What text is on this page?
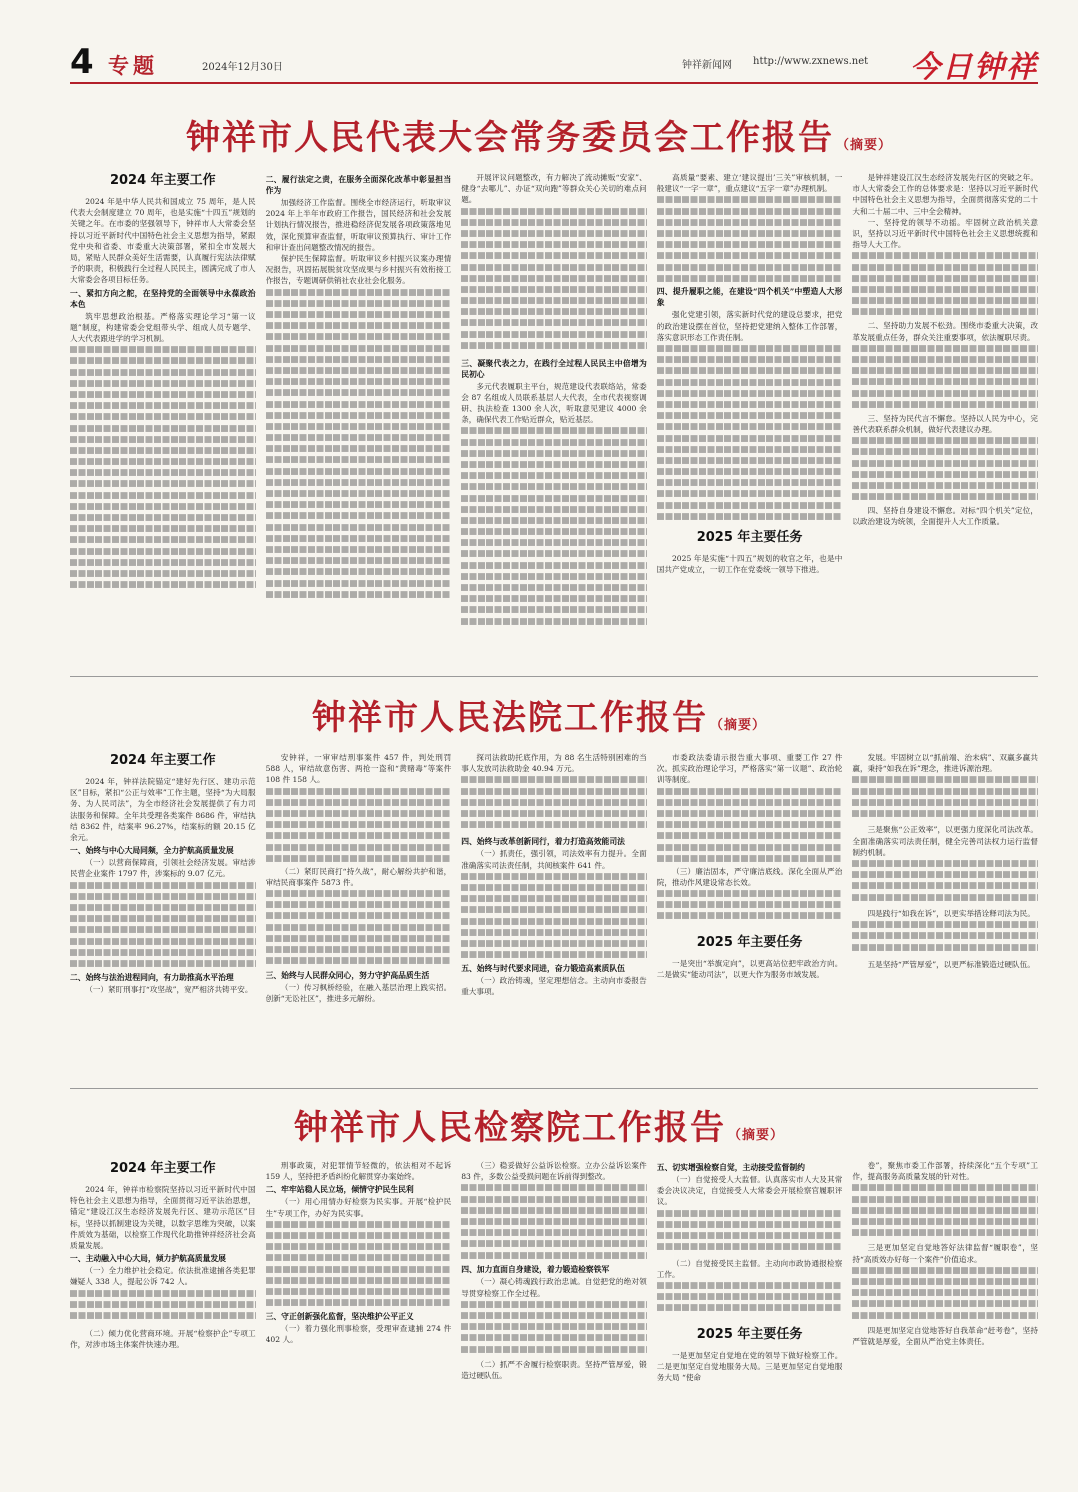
4 专题	2024年12月30日	钟祥新闻网 http://www.zxnews.net 今日钟祥
钟祥市人民代表大会常务委员会工作报告 （摘要）
2024 年主要工作

2024 年是中华人民共和国成立 75 周年，是人民代表大会制度建立 70 周年，也是实施“十四五”规划的关键之年。在市委的坚强领导下，钟祥市人大常委会坚持以习近平新时代中国特色社会主义思想为指导，紧跟党中央和省委、市委重大决策部署，紧扣全市发展大局，紧贴人民群众美好生活需要，认真履行宪法法律赋予的职责，积极践行全过程人民民主，圆满完成了市人大常委会各项目标任务。

一、紧扣方向之舵，在坚持党的全面领导中永葆政治本色

筑牢思想政治根基。严格落实理论学习“第一议题”制度，构建常委会党组带头学、组成人员专题学、人大代表跟进学的学习机制。

二、履行法定之责，在服务全面深化改革中彰显担当作为

加强经济工作监督。围绕全市经济运行，听取审议 2024 年上半年市政府工作报告，国民经济和社会发展计划执行情况报告，推进稳经济促发展各项政策落地见效，深化预算审查监督，听取审议预算执行、审计工作和审计查出问题整改情况的报告。

保护民生保障监督。听取审议乡村振兴议案办理情况报告，巩固拓展脱贫攻坚成果与乡村振兴有效衔接工作报告，专题调研供销社农业社会化服务。

开展评议问题整改，有力解决了流动摊贩“安家”、健身“去哪儿”、办证“双向跑”等群众关心关切的难点问题。

三、凝聚代表之力，在践行全过程人民民主中倍增为民初心

多元代表履职主平台，规范建设代表联络站，常委会 87 名组成人员联系基层人大代表，全市代表视察调研、执法检查 1300 余人次，听取意见建议 4000 余条，确保代表工作贴近群众，贴近基层。

高质量“要素、建立‘建议提出’三关”审核机制，一般建议“一字一章”，重点建议“五字一章”办理机制。

四、提升履职之能，在建设“四个机关”中塑造人大形象

强化党建引领，落实新时代党的建设总要求，把党的政治建设摆在首位，坚持把党建纳入整体工作部署，落实意识形态工作责任制。

2025 年主要任务

2025 年是实施“十四五”规划的收官之年，也是中国共产党成立，一切工作在党委统一领导下推进。

是钟祥建设江汉生态经济发展先行区的突破之年。市人大常委会工作的总体要求是：坚持以习近平新时代中国特色社会主义思想为指导，全面贯彻落实党的二十大和二十届二中、三中全会精神。

一、坚持党的领导不动摇。牢固树立政治机关意识，坚持以习近平新时代中国特色社会主义思想统揽和指导人大工作。

二、坚持助力发展不松劲。围绕市委重大决策，改革发展重点任务，群众关注重要事项，依法履职尽责。

三、坚持为民代言不懈怠。坚持以人民为中心，完善代表联系群众机制，做好代表建议办理。

四、坚持自身建设不懈怠。对标“四个机关”定位，以政治建设为统领，全面提升人大工作质量。

钟祥市人民法院工作报告 （摘要）
2024 年主要工作

2024 年，钟祥法院锚定“建好先行区、建功示范区”目标，紧扣“公正与效率”工作主题，坚持“为大局服务、为人民司法”，为全市经济社会发展提供了有力司法服务和保障。全年共受理各类案件 8686 件，审结执结 8362 件，结案率 96.27%，结案标的额 20.15 亿余元。

一、始终与中心大局同频，全力护航高质量发展

（一）以营商保障商，引领社会经济发展。审结涉民营企业案件 1797 件，涉案标的 9.07 亿元。

二、始终与法治进程同向，有力助推高水平治理

（一）紧盯刑事打“攻坚战”，宽严相济共铸平安。

安钟祥，一审审结刑事案件 457 件，判处刑罚 588 人，审结故意伤害、两抢一盗和“黄赌毒”等案件 108 件 158 人。

（二）紧盯民商打“持久战”，耐心解纷共护和谐，审结民商事案件 5873 件。

三、始终与人民群众同心，努力守护高品质生活

（一）传习枫桥经验，在融入基层治理上践实招。创新“无讼社区”，推进多元解纷。

探司法救助托底作用，为 88 名生活特别困难的当事人发放司法救助金 40.94 万元。

四、始终与改革创新同行，着力打造高效能司法

（一）抓责任，强引领，司法效率有力提升。全面准确落实司法责任制，共阅核案件 641 件。

五、始终与时代要求同进，奋力锻造高素质队伍

（一）政治铸魂，坚定理想信念。主动向市委报告重大事项。

市委政法委请示报告重大事项、重要工作 27 件次。抓实政治理论学习，严格落实“第一议题”、政治轮训等制度。

（三）廉洁固本，严守廉洁底线。深化全面从严治院，推动作风建设常态长效。

2025 年主要任务

一是突出“举旗定向”，以更高站位把牢政治方向。二是做实“能动司法”，以更大作为服务市域发展。

发展。牢固树立以“抓前端、治未病”、双赢多赢共赢，秉持“如我在诉”理念，推进诉源治理。

三是聚焦“公正效率”，以更强力度深化司法改革。全面准确落实司法责任制，健全完善司法权力运行监督制约机制。

四是践行“如我在诉”，以更实举措诠释司法为民。

五是坚持“严管厚爱”，以更严标准锻造过硬队伍。

钟祥市人民检察院工作报告 （摘要）
2024 年主要工作

2024 年，钟祥市检察院坚持以习近平新时代中国特色社会主义思想为指导，全面贯彻习近平法治思想，锚定“建设江汉生态经济发展先行区、建功示范区”目标，坚持以抓制建设为关键，以数字思维为突破，以案件质效为基础，以检察工作现代化助推钟祥经济社会高质量发展。

一、主动融入中心大局，倾力护航高质量发展

（一）全力维护社会稳定。依法批准逮捕各类犯罪嫌疑人 338 人，提起公诉 742 人。

（二）倾力优化营商环境。开展“检察护企”专项工作，对涉市场主体案件快速办理。

刑事政策，对犯罪情节轻微的，依法相对不起诉 159 人，坚持把矛盾纠纷化解贯穿办案始终。

二、牢牢站稳人民立场，倾情守护民生民利

（一）用心用情办好检察为民实事。开展“检护民生”专项工作，办好为民实事。

三、守正创新强化监督，坚决维护公平正义

（一）着力强化刑事检察，受理审查逮捕 274 件 402 人。

（三）稳妥做好公益诉讼检察。立办公益诉讼案件 83 件，多数公益受损问题在诉前得到整改。

四、加力直面自身建设，着力锻造检察铁军

（一）凝心铸魂践行政治忠诚。自觉把党的绝对领导贯穿检察工作全过程。

（二）抓严不舍履行检察职责。坚持严管厚爱，锻造过硬队伍。

五、切实增强检察自觉，主动接受监督制约

（一）自觉接受人大监督。认真落实市人大及其常委会决议决定，自觉接受人大常委会开展检察官履职评议。

（二）自觉接受民主监督。主动向市政协通报检察工作。

2025 年主要任务

一是更加坚定自觉地在党的领导下做好检察工作。二是更加坚定自觉地服务大局。三是更加坚定自觉地服务大局 “使命

卷”，聚焦市委工作部署，持续深化“五个专项”工作，提高服务高质量发展的针对性。

三是更加坚定自觉地答好法律监督“履职卷”，坚持“高质效办好每一个案件”价值追求。

四是更加坚定自觉地答好自我革命“赶考卷”，坚持严管就是厚爱，全面从严治党主体责任。
